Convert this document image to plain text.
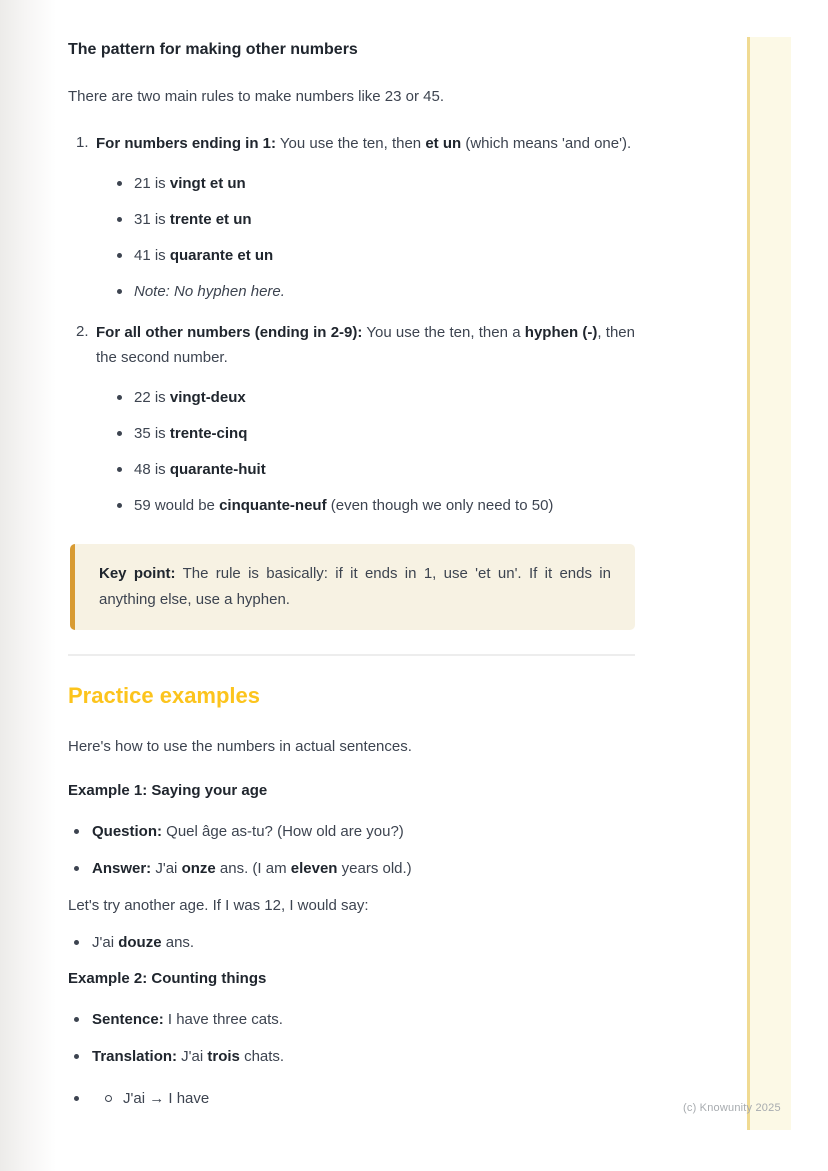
The pattern for making other numbers

There are two main rules to make numbers like 23 or 45.

For numbers ending in 1: You use the ten, then et un (which means 'and one').
21 is vingt et un
31 is trente et un
41 is quarante et un
Note: No hyphen here.
For all other numbers (ending in 2-9): You use the ten, then a hyphen (-), then the second number.
22 is vingt-deux
35 is trente-cinq
48 is quarante-huit
59 would be cinquante-neuf (even though we only need to 50)

Key point: The rule is basically: if it ends in 1, use 'et un'. If it ends in anything else, use a hyphen.

Practice examples

Here's how to use the numbers in actual sentences.

Example 1: Saying your age
Question: Quel âge as-tu? (How old are you?)
Answer: J'ai onze ans. (I am eleven years old.)

Let's try another age. If I was 12, I would say:

J'ai douze ans.
Example 2: Counting things
Sentence: I have three cats.
Translation: J'ai trois chats.
J'ai → I have
(c) Knowunity 2025
